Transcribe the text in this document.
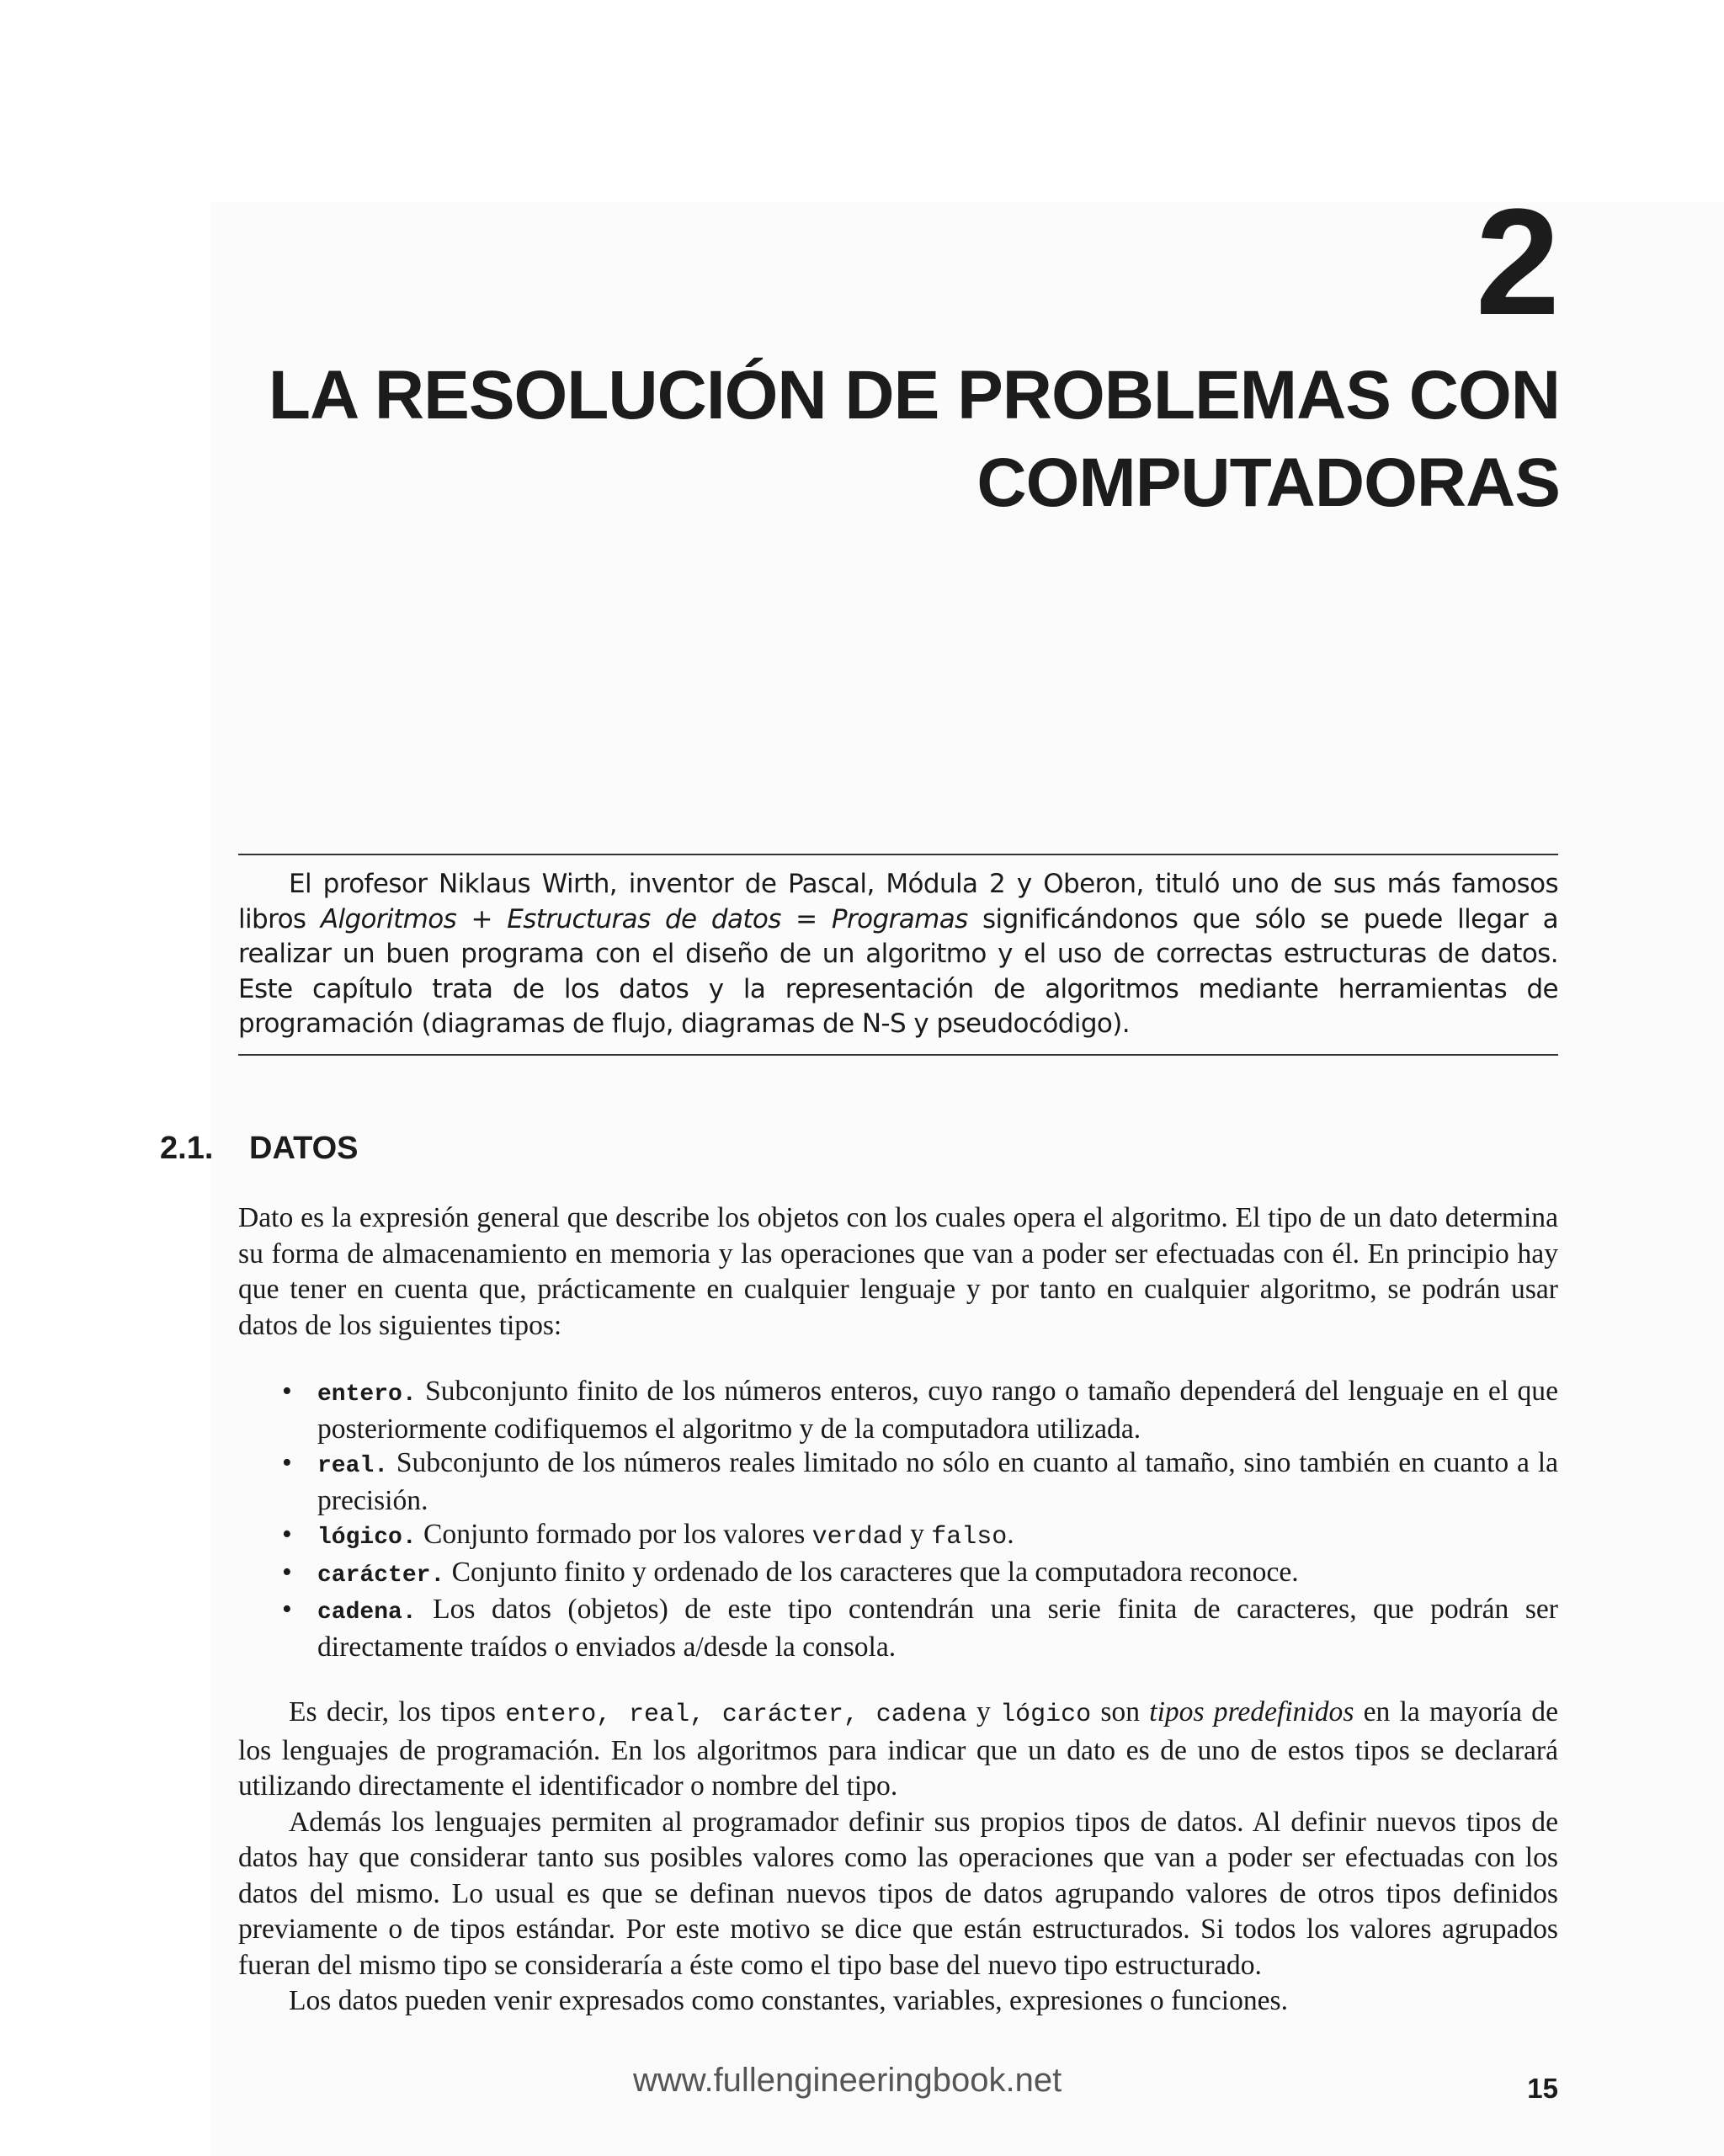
2
LA RESOLUCIÓN DE PROBLEMAS CON
COMPUTADORAS

El profesor Niklaus Wirth, inventor de Pascal, Módula 2 y Oberon, tituló uno de sus más famosos libros Algoritmos + Estructuras de datos = Programas significándonos que sólo se puede llegar a realizar un buen programa con el diseño de un algoritmo y el uso de correctas estructuras de datos. Este capítulo trata de los datos y la representación de algoritmos mediante herramientas de programación (diagramas de flujo, diagramas de N-S y pseudocódigo).

2.1. DATOS

Dato es la expresión general que describe los objetos con los cuales opera el algoritmo. El tipo de un dato determina su forma de almacenamiento en memoria y las operaciones que van a poder ser efectuadas con él. En principio hay que tener en cuenta que, prácticamente en cualquier lenguaje y por tanto en cualquier algoritmo, se podrán usar datos de los siguientes tipos:

• entero. Subconjunto finito de los números enteros, cuyo rango o tamaño dependerá del lenguaje en el que posteriormente codifiquemos el algoritmo y de la computadora utilizada.
• real. Subconjunto de los números reales limitado no sólo en cuanto al tamaño, sino también en cuanto a la precisión.
• lógico. Conjunto formado por los valores verdad y falso.
• carácter. Conjunto finito y ordenado de los caracteres que la computadora reconoce.
• cadena. Los datos (objetos) de este tipo contendrán una serie finita de caracteres, que podrán ser directamente traídos o enviados a/desde la consola.

Es decir, los tipos entero, real, carácter, cadena y lógico son tipos predefinidos en la mayoría de los lenguajes de programación. En los algoritmos para indicar que un dato es de uno de estos tipos se declarará utilizando directamente el identificador o nombre del tipo.

Además los lenguajes permiten al programador definir sus propios tipos de datos. Al definir nuevos tipos de datos hay que considerar tanto sus posibles valores como las operaciones que van a poder ser efectuadas con los datos del mismo. Lo usual es que se definan nuevos tipos de datos agrupando valores de otros tipos definidos previamente o de tipos estándar. Por este motivo se dice que están estructurados. Si todos los valores agrupados fueran del mismo tipo se consideraría a éste como el tipo base del nuevo tipo estructurado.

Los datos pueden venir expresados como constantes, variables, expresiones o funciones.

www.fullengineeringbook.net	15
